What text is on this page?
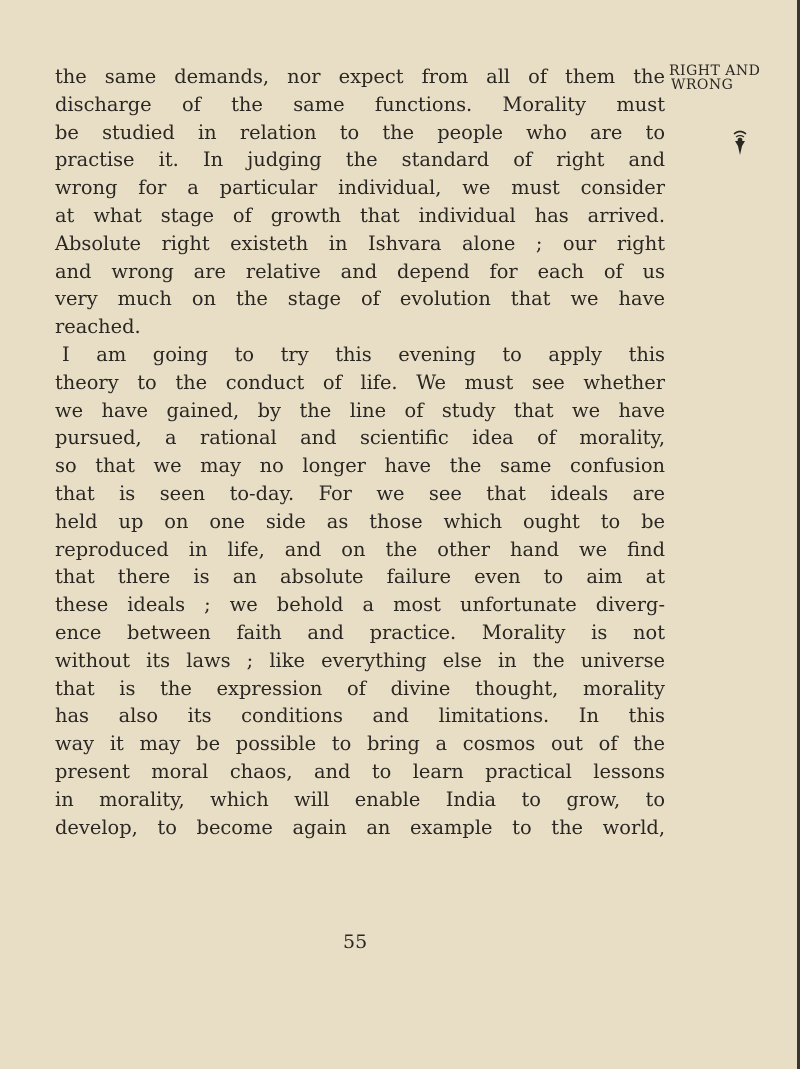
the same demands, nor expect from all of them the
discharge of the same functions. Morality must
be studied in relation to the people who are to
practise it. In judging the standard of right and
wrong for a particular individual, we must consider
at what stage of growth that individual has arrived.
Absolute right existeth in Ishvara alone ; our right
and wrong are relative and depend for each of us
very much on the stage of evolution that we have
reached.
I am going to try this evening to apply this
theory to the conduct of life. We must see whether
we have gained, by the line of study that we have
pursued, a rational and scientific idea of morality,
so that we may no longer have the same confusion
that is seen to-day. For we see that ideals are
held up on one side as those which ought to be
reproduced in life, and on the other hand we find
that there is an absolute failure even to aim at
these ideals ; we behold a most unfortunate diverg-
ence between faith and practice. Morality is not
without its laws ; like everything else in the universe
that is the expression of divine thought, morality
has also its conditions and limitations. In this
way it may be possible to bring a cosmos out of the
present moral chaos, and to learn practical lessons
in morality, which will enable India to grow, to
develop, to become again an example to the world,
RIGHT AND
WRONG
55
